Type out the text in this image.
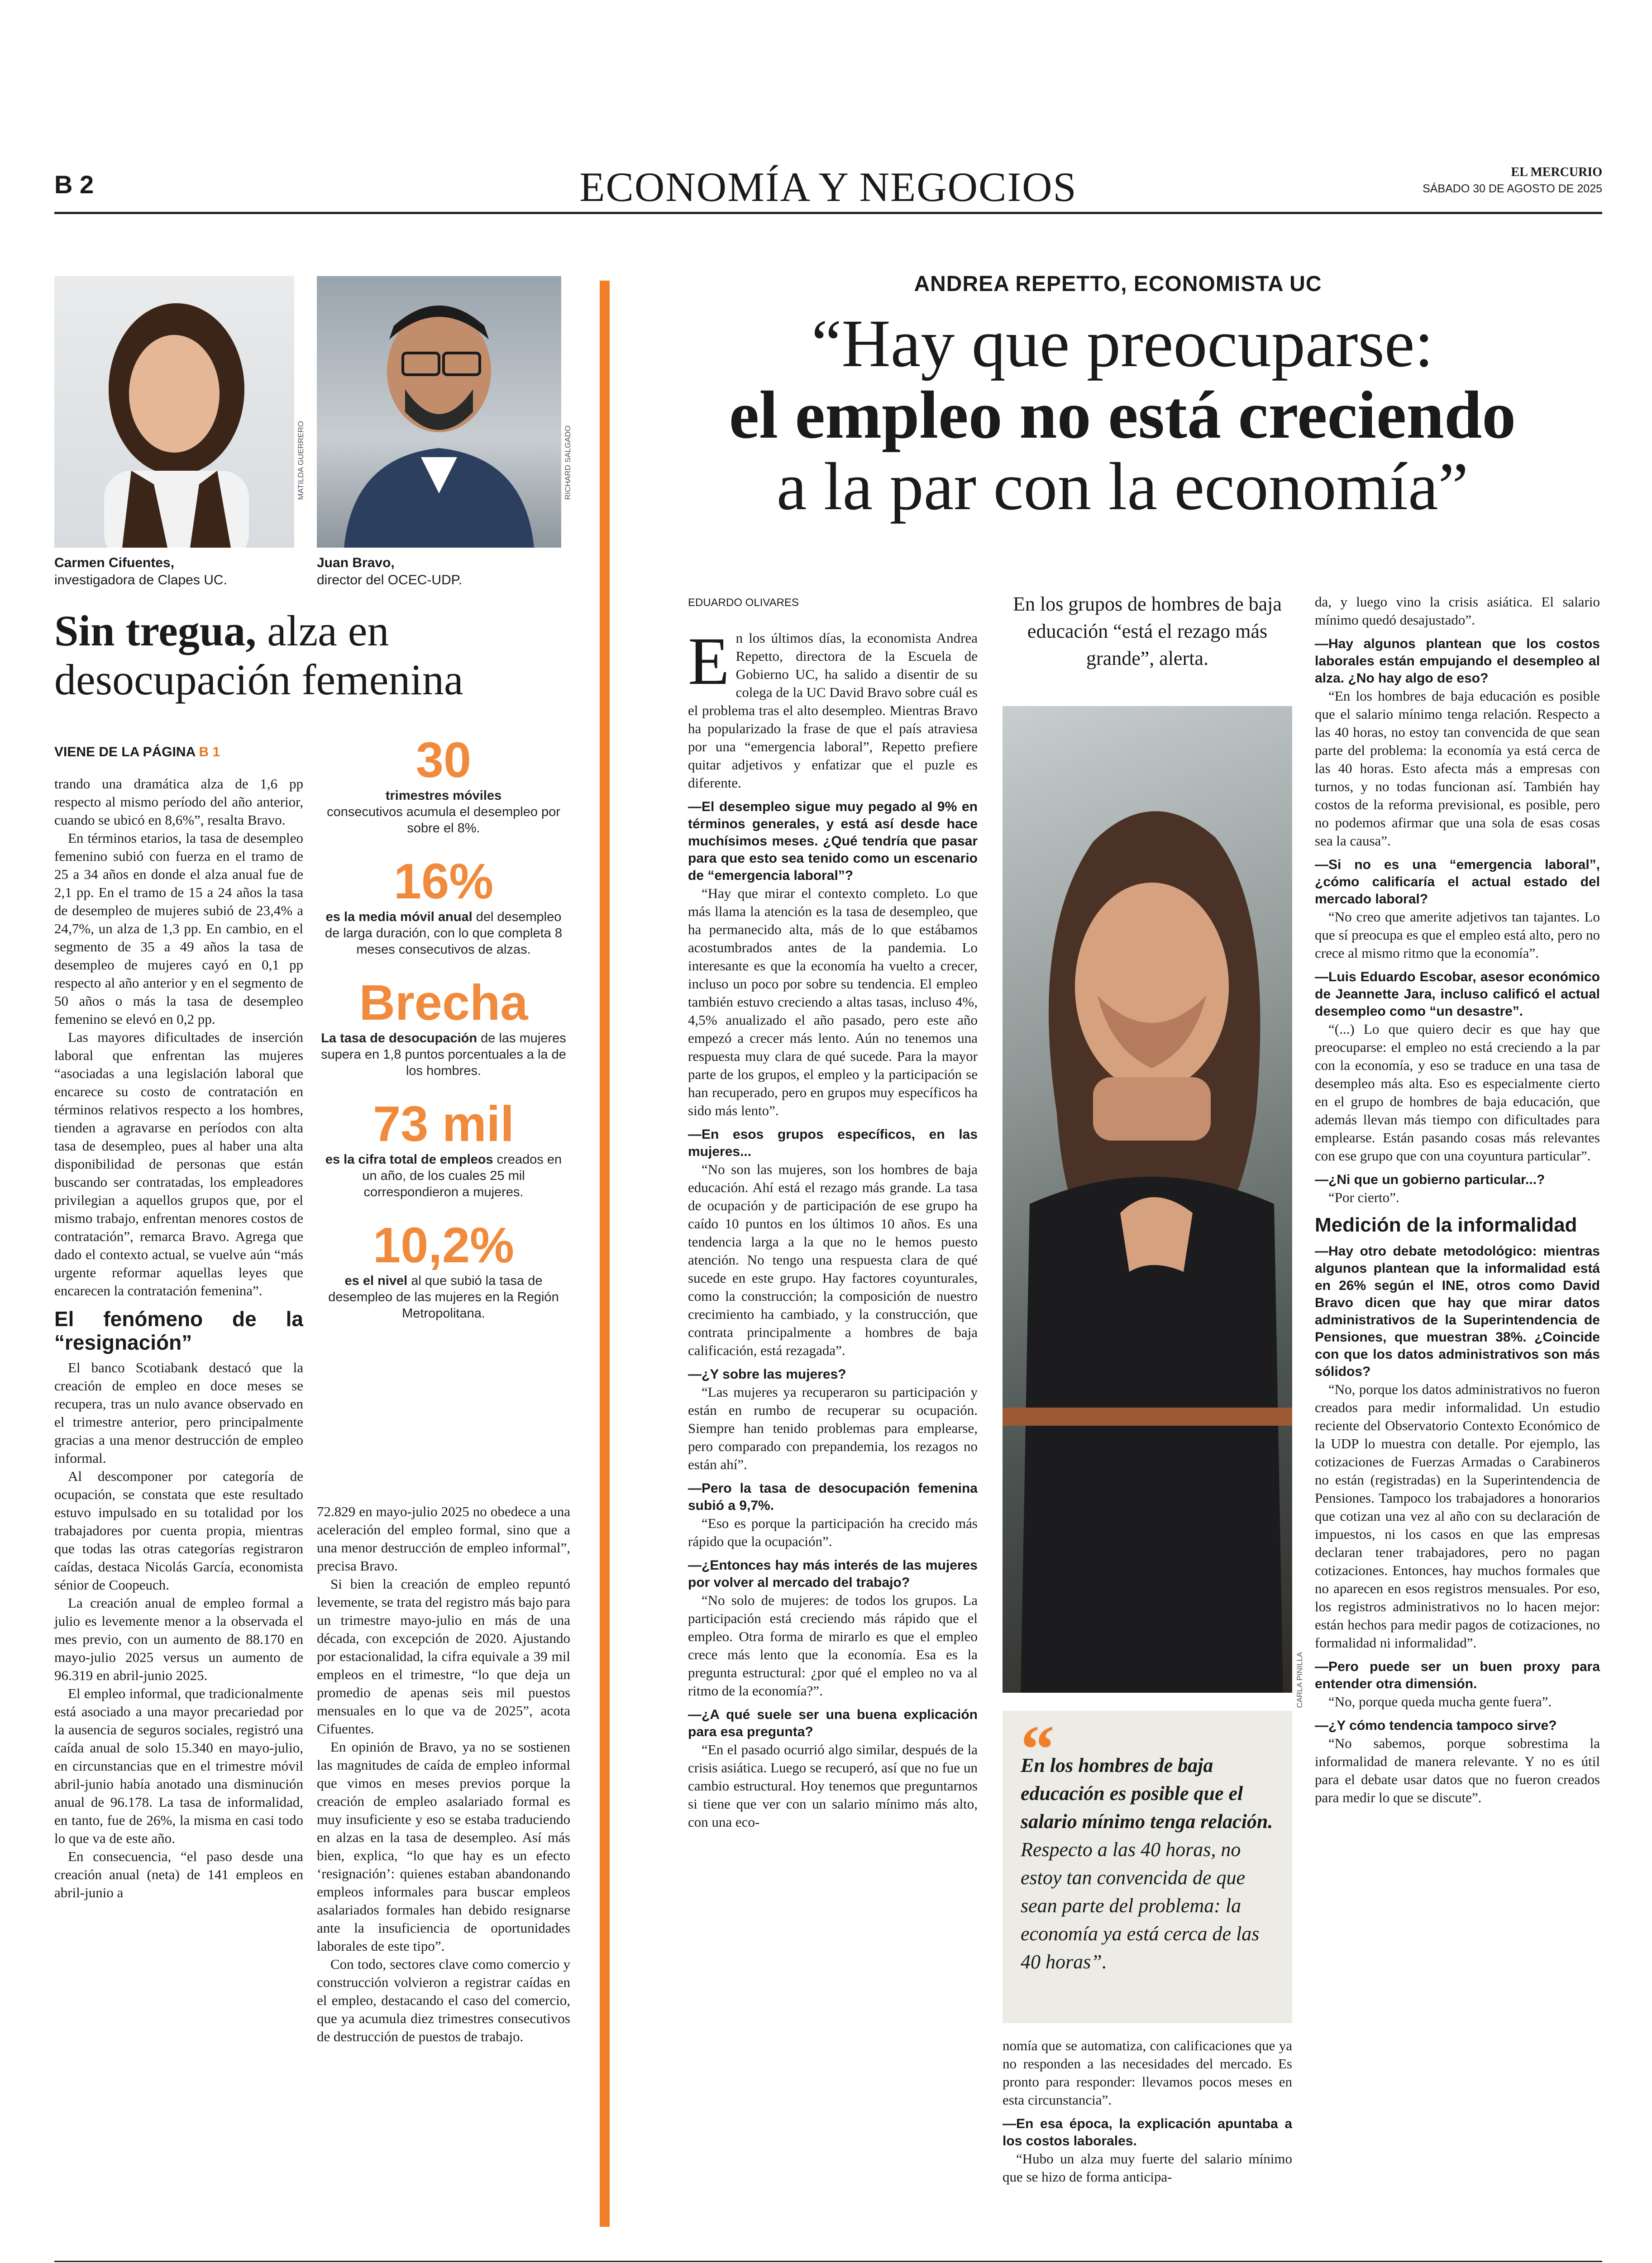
B 2	ECONOMÍA Y NEGOCIOS	EL MERCURIO
SÁBADO 30 DE AGOSTO DE 2025
MATILDA GUERRERO	RICHARD SALGADO
Carmen Cifuentes,
investigadora de Clapes UC.
Juan Bravo,
director del OCEC-UDP.
Sin tregua, alza en desocupación femenina
VIENE DE LA PÁGINA B 1

trando una dramática alza de 1,6 pp respecto al mismo período del año anterior, cuando se ubicó en 8,6%”, resalta Bravo.

En términos etarios, la tasa de desempleo femenino subió con fuerza en el tramo de 25 a 34 años en donde el alza anual fue de 2,1 pp. En el tramo de 15 a 24 años la tasa de desempleo de mujeres subió de 23,4% a 24,7%, un alza de 1,3 pp. En cambio, en el segmento de 35 a 49 años la tasa de desempleo de mujeres cayó en 0,1 pp respecto al año anterior y en el segmento de 50 años o más la tasa de desempleo femenino se elevó en 0,2 pp.

Las mayores dificultades de inserción laboral que enfrentan las mujeres “asociadas a una legislación laboral que encarece su costo de contratación en términos relativos respecto a los hombres, tienden a agravarse en períodos con alta tasa de desempleo, pues al haber una alta disponibilidad de personas que están buscando ser contratadas, los empleadores privilegian a aquellos grupos que, por el mismo trabajo, enfrentan menores costos de contratación”, remarca Bravo. Agrega que dado el contexto actual, se vuelve aún “más urgente reformar aquellas leyes que encarecen la contratación femenina”.

El fenómeno de la “resignación”

El banco Scotiabank destacó que la creación de empleo en doce meses se recupera, tras un nulo avance observado en el trimestre anterior, pero principalmente gracias a una menor destrucción de empleo informal.

Al descomponer por categoría de ocupación, se constata que este resultado estuvo impulsado en su totalidad por los trabajadores por cuenta propia, mientras que todas las otras categorías registraron caídas, destaca Nicolás García, economista sénior de Coopeuch.

La creación anual de empleo formal a julio es levemente menor a la observada el mes previo, con un aumento de 88.170 en mayo-julio 2025 versus un aumento de 96.319 en abril-junio 2025.

El empleo informal, que tradicionalmente está asociado a una mayor precariedad por la ausencia de seguros sociales, registró una caída anual de solo 15.340 en mayo-julio, en circunstancias que en el trimestre móvil abril-junio había anotado una disminución anual de 96.178. La tasa de informalidad, en tanto, fue de 26%, la misma en casi todo lo que va de este año.

En consecuencia, “el paso desde una creación anual (neta) de 141 empleos en abril-junio a

30
trimestres móviles
consecutivos acumula el desempleo por sobre el 8%.
16%
es la media móvil anual del desempleo de larga duración, con lo que completa 8 meses consecutivos de alzas.
Brecha
La tasa de desocupación de las mujeres supera en 1,8 puntos porcentuales a la de los hombres.
73 mil
es la cifra total de empleos creados en un año, de los cuales 25 mil correspondieron a mujeres.
10,2%
es el nivel al que subió la tasa de desempleo de las mujeres en la Región Metropolitana.

72.829 en mayo-julio 2025 no obedece a una aceleración del empleo formal, sino que a una menor destrucción de empleo informal”, precisa Bravo.

Si bien la creación de empleo repuntó levemente, se trata del registro más bajo para un trimestre mayo-julio en más de una década, con excepción de 2020. Ajustando por estacionalidad, la cifra equivale a 39 mil empleos en el trimestre, “lo que deja un promedio de apenas seis mil puestos mensuales en lo que va de 2025”, acota Cifuentes.

En opinión de Bravo, ya no se sostienen las magnitudes de caída de empleo informal que vimos en meses previos porque la creación de empleo asalariado formal es muy insuficiente y eso se estaba traduciendo en alzas en la tasa de desempleo. Así más bien, explica, “lo que hay es un efecto ‘resignación’: quienes estaban abandonando empleos informales para buscar empleos asalariados formales han debido resignarse ante la insuficiencia de oportunidades laborales de este tipo”.

Con todo, sectores clave como comercio y construcción volvieron a registrar caídas en el empleo, destacando el caso del comercio, que ya acumula diez trimestres consecutivos de destrucción de puestos de trabajo.

ANDREA REPETTO, ECONOMISTA UC
“Hay que preocuparse:
el empleo no está creciendo
a la par con la economía”
EDUARDO OLIVARES
E n los últimos días, la economista Andrea Repetto, directora de la Escuela de Gobierno UC, ha salido a disentir de su colega de la UC David Bravo sobre cuál es el problema tras el alto desempleo. Mientras Bravo ha popularizado la frase de que el país atraviesa por una “emergencia laboral”, Repetto prefiere quitar adjetivos y enfatizar que el puzle es diferente.

—El desempleo sigue muy pegado al 9% en términos generales, y está así desde hace muchísimos meses. ¿Qué tendría que pasar para que esto sea tenido como un escenario de “emergencia laboral”?

“Hay que mirar el contexto completo. Lo que más llama la atención es la tasa de desempleo, que ha permanecido alta, más de lo que estábamos acostumbrados antes de la pandemia. Lo interesante es que la economía ha vuelto a crecer, incluso un poco por sobre su tendencia. El empleo también estuvo creciendo a altas tasas, incluso 4%, 4,5% anualizado el año pasado, pero este año empezó a crecer más lento. Aún no tenemos una respuesta muy clara de qué sucede. Para la mayor parte de los grupos, el empleo y la participación se han recuperado, pero en grupos muy específicos ha sido más lento”.

—En esos grupos específicos, en las mujeres...

“No son las mujeres, son los hombres de baja educación. Ahí está el rezago más grande. La tasa de ocupación y de participación de ese grupo ha caído 10 puntos en los últimos 10 años. Es una tendencia larga a la que no le hemos puesto atención. No tengo una respuesta clara de qué sucede en este grupo. Hay factores coyunturales, como la construcción; la composición de nuestro crecimiento ha cambiado, y la construcción, que contrata principalmente a hombres de baja calificación, está rezagada”.

—¿Y sobre las mujeres?

“Las mujeres ya recuperaron su participación y están en rumbo de recuperar su ocupación. Siempre han tenido problemas para emplearse, pero comparado con prepandemia, los rezagos no están ahí”.

—Pero la tasa de desocupación femenina subió a 9,7%.

“Eso es porque la participación ha crecido más rápido que la ocupación”.

—¿Entonces hay más interés de las mujeres por volver al mercado del trabajo?

“No solo de mujeres: de todos los grupos. La participación está creciendo más rápido que el empleo. Otra forma de mirarlo es que el empleo crece más lento que la economía. Esa es la pregunta estructural: ¿por qué el empleo no va al ritmo de la economía?”.

—¿A qué suele ser una buena explicación para esa pregunta?

“En el pasado ocurrió algo similar, después de la crisis asiática. Luego se recuperó, así que no fue un cambio estructural. Hoy tenemos que preguntarnos si tiene que ver con un salario mínimo más alto, con una eco-

En los grupos de hombres de baja educación “está el rezago más grande”, alerta.
CARLA PINILLA
“
En los hombres de baja educación es posible que el salario mínimo tenga relación. Respecto a las 40 horas, no estoy tan convencida de que sean parte del problema: la economía ya está cerca de las 40 horas”.

nomía que se automatiza, con calificaciones que ya no responden a las necesidades del mercado. Es pronto para responder: llevamos pocos meses en esta circunstancia”.

—En esa época, la explicación apuntaba a los costos laborales.

“Hubo un alza muy fuerte del salario mínimo que se hizo de forma anticipa-

da, y luego vino la crisis asiática. El salario mínimo quedó desajustado”.

—Hay algunos plantean que los costos laborales están empujando el desempleo al alza. ¿No hay algo de eso?

“En los hombres de baja educación es posible que el salario mínimo tenga relación. Respecto a las 40 horas, no estoy tan convencida de que sean parte del problema: la economía ya está cerca de las 40 horas. Esto afecta más a empresas con turnos, y no todas funcionan así. También hay costos de la reforma previsional, es posible, pero no podemos afirmar que una sola de esas cosas sea la causa”.

—Si no es una “emergencia laboral”, ¿cómo calificaría el actual estado del mercado laboral?

“No creo que ameritе adjetivos tan tajantes. Lo que sí preocupa es que el empleo está alto, pero no crece al mismo ritmo que la economía”.

—Luis Eduardo Escobar, asesor económico de Jeannette Jara, incluso calificó el actual desempleo como “un desastre”.

“(...) Lo que quiero decir es que hay que preocuparse: el empleo no está creciendo a la par con la economía, y eso se traduce en una tasa de desempleo más alta. Eso es especialmente cierto en el grupo de hombres de baja educación, que además llevan más tiempo con dificultades para emplearse. Están pasando cosas más relevantes con ese grupo que con una coyuntura particular”.

—¿Ni que un gobierno particular...?

“Por cierto”.

Medición de la informalidad

—Hay otro debate metodológico: mientras algunos plantean que la informalidad está en 26% según el INE, otros como David Bravo dicen que hay que mirar datos administrativos de la Superintendencia de Pensiones, que muestran 38%. ¿Coincide con que los datos administrativos son más sólidos?

“No, porque los datos administrativos no fueron creados para medir informalidad. Un estudio reciente del Observatorio Contexto Económico de la UDP lo muestra con detalle. Por ejemplo, las cotizaciones de Fuerzas Armadas o Carabineros no están (registradas) en la Superintendencia de Pensiones. Tampoco los trabajadores a honorarios que cotizan una vez al año con su declaración de impuestos, ni los casos en que las empresas declaran tener trabajadores, pero no pagan cotizaciones. Entonces, hay muchos formales que no aparecen en esos registros mensuales. Por eso, los registros administrativos no lo hacen mejor: están hechos para medir pagos de cotizaciones, no formalidad ni informalidad”.

—Pero puede ser un buen proxy para entender otra dimensión.

“No, porque queda mucha gente fuera”.

—¿Y cómo tendencia tampoco sirve?

“No sabemos, porque sobrestima la informalidad de manera relevante. Y no es útil para el debate usar datos que no fueron creados para medir lo que se discute”.
